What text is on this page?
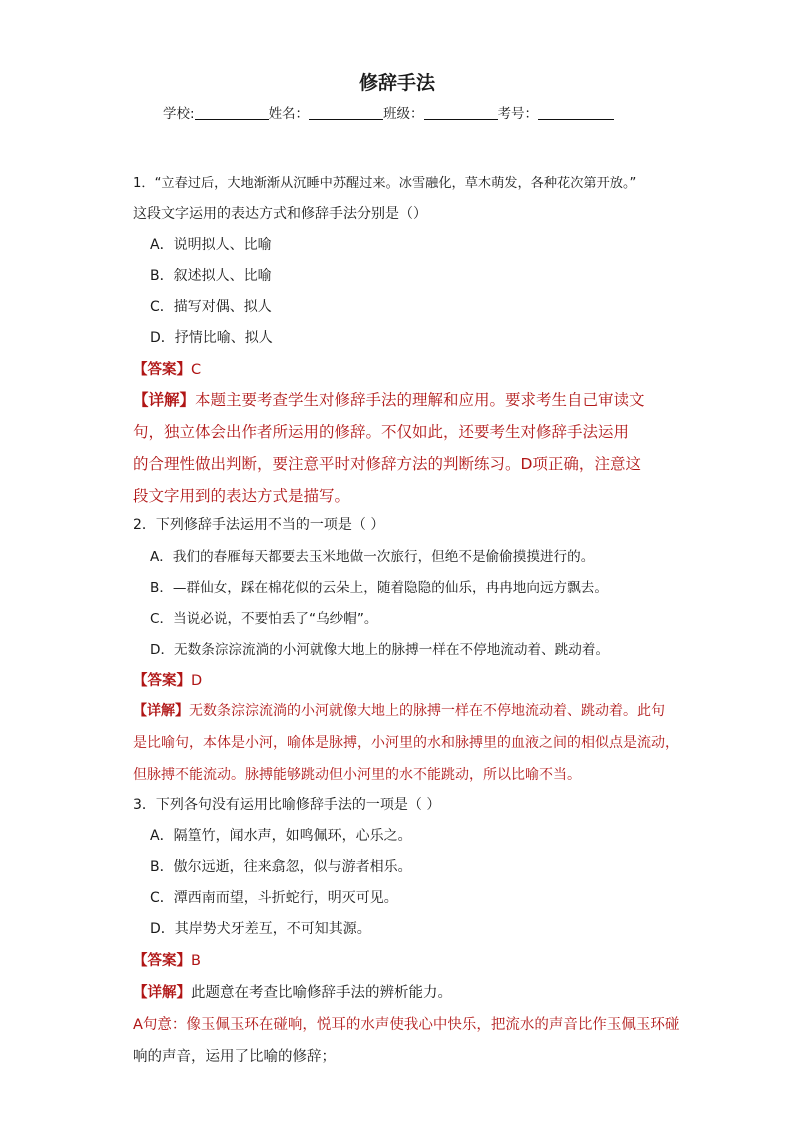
修辞手法
学校:	姓名：	班级：	考号：
1．“立春过后，大地渐渐从沉睡中苏醒过来。冰雪融化，草木萌发，各种花次第开放。”
这段文字运用的表达方式和修辞手法分别是（）
A．说明拟人、比喻
B．叙述拟人、比喻
C．描写对偶、拟人
D．抒情比喻、拟人
【答案】C
【详解】本题主要考查学生对修辞手法的理解和应用。要求考生自己审读文
句，独立体会出作者所运用的修辞。不仅如此，还要考生对修辞手法运用
的合理性做出判断，要注意平时对修辞方法的判断练习。D项正确，注意这
段文字用到的表达方式是描写。
2．下列修辞手法运用不当的一项是（ ）
A．我们的春雁每天都要去玉米地做一次旅行，但绝不是偷偷摸摸进行的。
B．—群仙女，踩在棉花似的云朵上，随着隐隐的仙乐，冉冉地向远方飘去。
C．当说必说，不要怕丢了“乌纱帽”。
D．无数条淙淙流淌的小河就像大地上的脉搏一样在不停地流动着、跳动着。
【答案】D
【详解】无数条淙淙流淌的小河就像大地上的脉搏一样在不停地流动着、跳动着。此句
是比喻句，本体是小河，喻体是脉搏，小河里的水和脉搏里的血液之间的相似点是流动，
但脉搏不能流动。脉搏能够跳动但小河里的水不能跳动，所以比喻不当。
3．下列各句没有运用比喻修辞手法的一项是（ ）
A．隔篁竹，闻水声，如鸣佩环，心乐之。
B．傲尔远逝，往来翕忽，似与游者相乐。
C．潭西南而望，斗折蛇行，明灭可见。
D．其岸势犬牙差互，不可知其源。
【答案】B
【详解】此题意在考查比喻修辞手法的辨析能力。
A句意：像玉佩玉环在碰响，悦耳的水声使我心中快乐，把流水的声音比作玉佩玉环碰
响的声音，运用了比喻的修辞；
